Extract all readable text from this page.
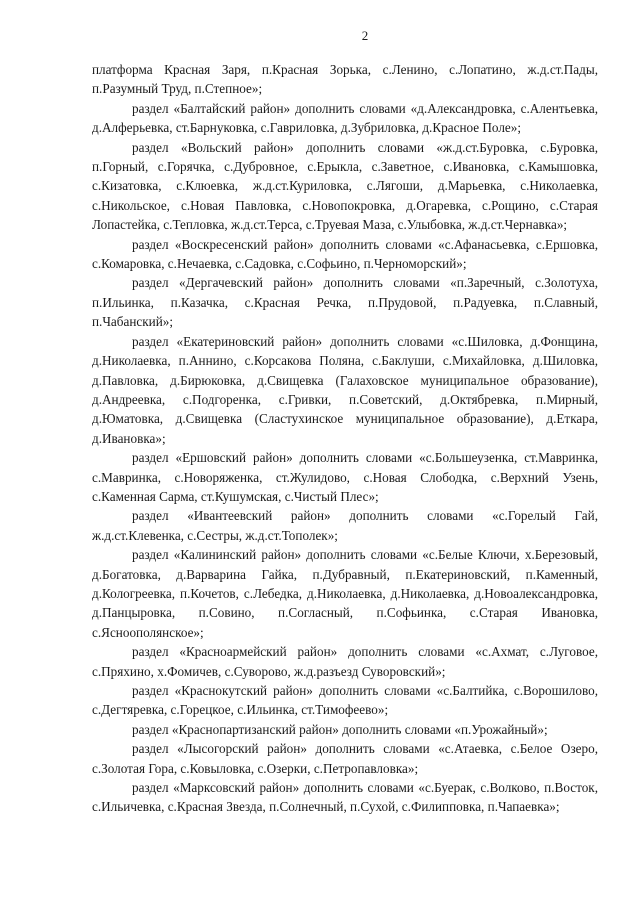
2

платформа Красная Заря, п.Красная Зорька, с.Ленино, с.Лопатино, ж.д.ст.Пады, п.Разумный Труд, п.Степное»;

раздел «Балтайский район» дополнить словами «д.Александровка, с.Алентьевка, д.Алферьевка, ст.Барнуковка, с.Гавриловка, д.Зубриловка, д.Красное Поле»;

раздел «Вольский район» дополнить словами «ж.д.ст.Буровка, с.Буровка, п.Горный, с.Горячка, с.Дубровное, с.Ерыкла, с.Заветное, с.Ивановка, с.Камышовка, с.Кизатовка, с.Клюевка, ж.д.ст.Куриловка, с.Лягоши, д.Марьевка, с.Николаевка, с.Никольское, с.Новая Павловка, с.Новопокровка, д.Огаревка, с.Рощино, с.Старая Лопастейка, с.Тепловка, ж.д.ст.Терса, с.Труевая Маза, с.Улыбовка, ж.д.ст.Чернавка»;

раздел «Воскресенский район» дополнить словами «с.Афанасьевка, с.Ершовка, с.Комаровка, с.Нечаевка, с.Садовка, с.Софьино, п.Черноморский»;

раздел «Дергачевский район» дополнить словами «п.Заречный, с.Золотуха, п.Ильинка, п.Казачка, с.Красная Речка, п.Прудовой, п.Радуевка, п.Славный, п.Чабанский»;

раздел «Екатериновский район» дополнить словами «с.Шиловка, д.Фонщина, д.Николаевка, п.Аннино, с.Корсакова Поляна, с.Баклуши, с.Михайловка, д.Шиловка, д.Павловка, д.Бирюковка, д.Свищевка (Галаховское муниципальное образование), д.Андреевка, с.Подгоренка, с.Гривки, п.Советский, д.Октябревка, п.Мирный, д.Юматовка, д.Свищевка (Сластухинское муниципальное образование), д.Еткара, д.Ивановка»;

раздел «Ершовский район» дополнить словами «с.Большеузенка, ст.Мавринка, с.Мавринка, с.Новоряженка, ст.Жулидово, с.Новая Слободка, с.Верхний Узень, с.Каменная Сарма, ст.Кушумская, с.Чистый Плес»;

раздел «Ивантеевский район» дополнить словами «с.Горелый Гай, ж.д.ст.Клевенка, с.Сестры, ж.д.ст.Тополек»;

раздел «Калининский район» дополнить словами «с.Белые Ключи, х.Березовый, д.Богатовка, д.Варварина Гайка, п.Дубравный, п.Екатериновский, п.Каменный, д.Кологреевка, п.Кочетов, с.Лебедка, д.Николаевка, д.Николаевка, д.Новоалександровка, д.Панцыровка, п.Совино, п.Согласный, п.Софьинка, с.Старая Ивановка, с.Ясноополянское»;

раздел «Красноармейский район» дополнить словами «с.Ахмат, с.Луговое, с.Пряхино, х.Фомичев, с.Суворово, ж.д.разъезд Суворовский»;

раздел «Краснокутский район» дополнить словами «с.Балтийка, с.Ворошилово, с.Дегтяревка, с.Горецкое, с.Ильинка, ст.Тимофеево»;

раздел «Краснопартизанский район» дополнить словами «п.Урожайный»;

раздел «Лысогорский район» дополнить словами «с.Атаевка, с.Белое Озеро, с.Золотая Гора, с.Ковыловка, с.Озерки, с.Петропавловка»;

раздел «Марксовский район» дополнить словами «с.Буерак, с.Волково, п.Восток, с.Ильичевка, с.Красная Звезда, п.Солнечный, п.Сухой, с.Филипповка, п.Чапаевка»;
